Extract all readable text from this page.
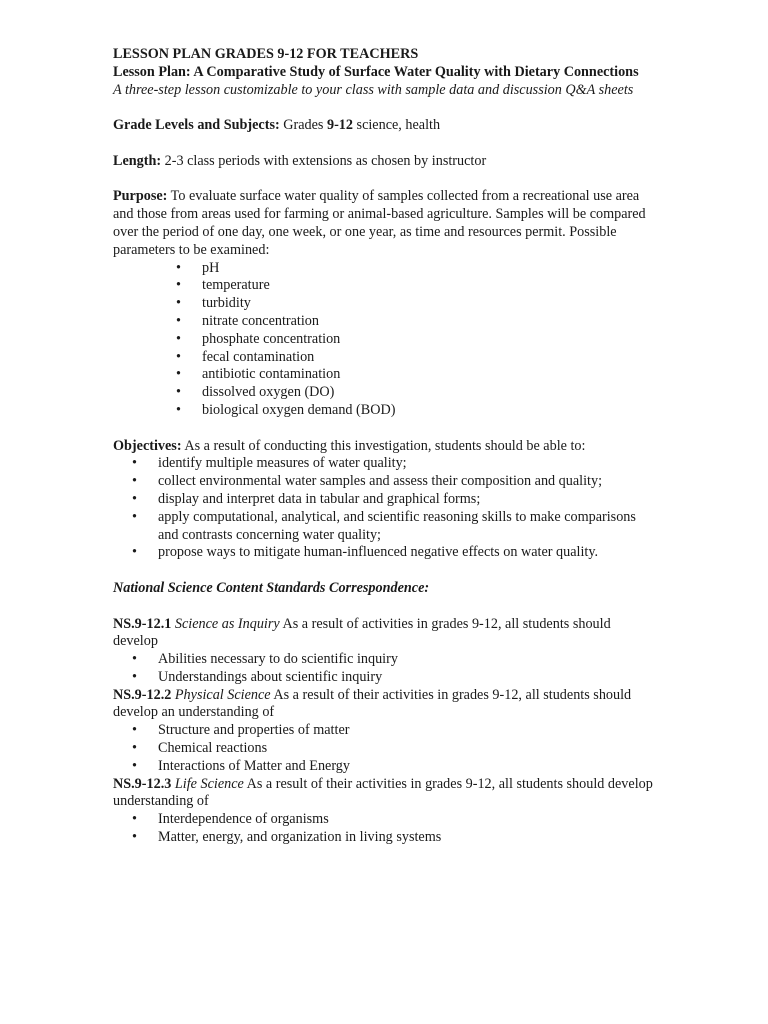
LESSON PLAN GRADES 9-12 FOR TEACHERS

Lesson Plan: A Comparative Study of Surface Water Quality with Dietary Connections

A three-step lesson customizable to your class with sample data and discussion Q&A sheets

Grade Levels and Subjects: Grades 9-12 science, health

Length: 2-3 class periods with extensions as chosen by instructor

Purpose: To evaluate surface water quality of samples collected from a recreational use area and those from areas used for farming or animal-based agriculture. Samples will be compared over the period of one day, one week, or one year, as time and resources permit. Possible parameters to be examined:

• pH
• temperature
• turbidity
• nitrate concentration
• phosphate concentration
• fecal contamination
• antibiotic contamination
• dissolved oxygen (DO)
• biological oxygen demand (BOD)

Objectives: As a result of conducting this investigation, students should be able to:

• identify multiple measures of water quality;
• collect environmental water samples and assess their composition and quality;
• display and interpret data in tabular and graphical forms;
• apply computational, analytical, and scientific reasoning skills to make comparisons and contrasts concerning water quality;
• propose ways to mitigate human-influenced negative effects on water quality.

National Science Content Standards Correspondence:

NS.9-12.1 Science as Inquiry As a result of activities in grades 9-12, all students should develop

• Abilities necessary to do scientific inquiry
• Understandings about scientific inquiry

NS.9-12.2 Physical Science As a result of their activities in grades 9-12, all students should develop an understanding of

• Structure and properties of matter
• Chemical reactions
• Interactions of Matter and Energy

NS.9-12.3 Life Science As a result of their activities in grades 9-12, all students should develop understanding of

• Interdependence of organisms
• Matter, energy, and organization in living systems
